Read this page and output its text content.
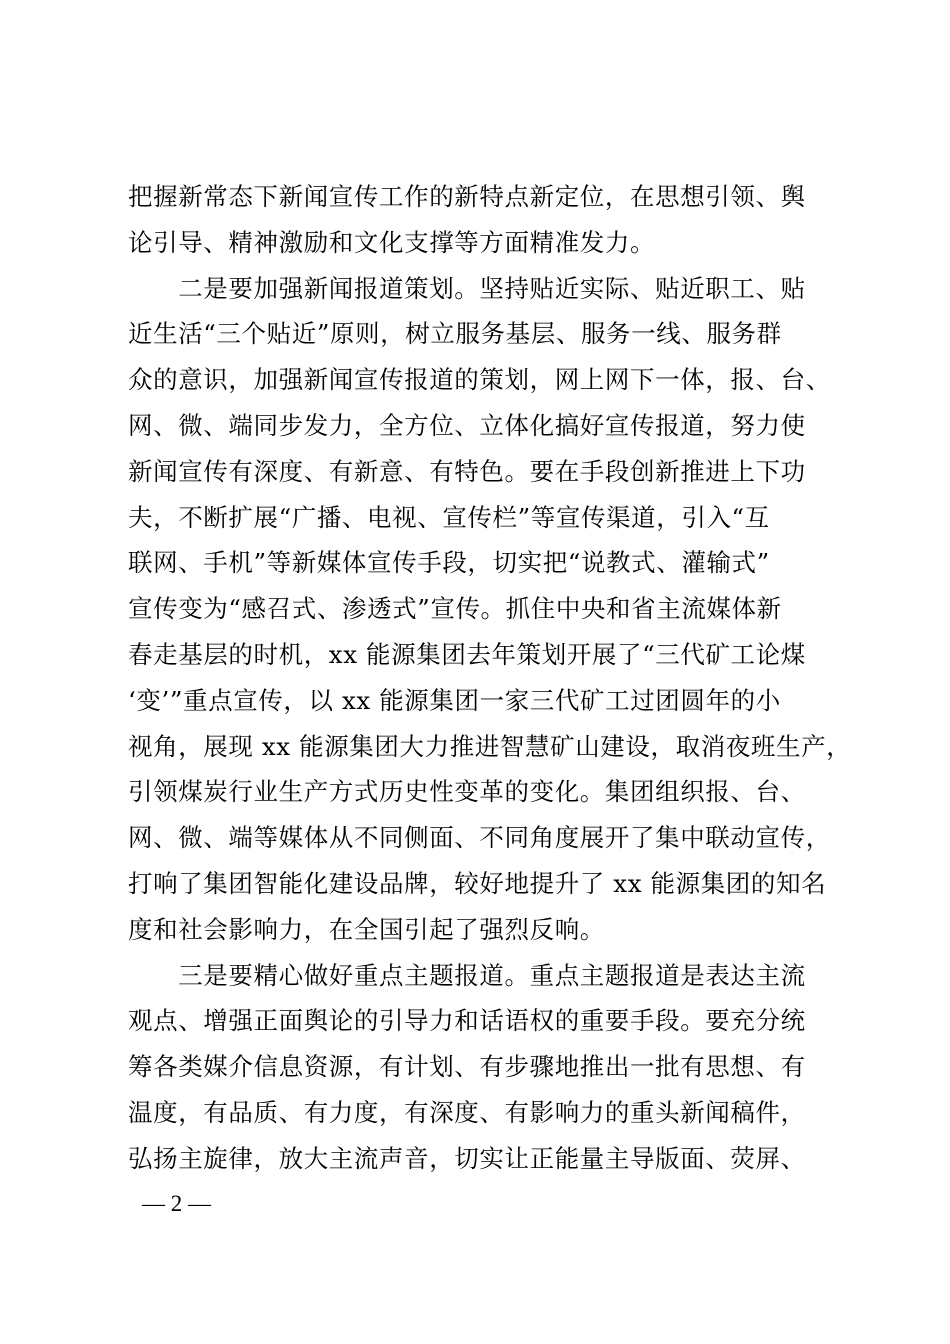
把握新常态下新闻宣传工作的新特点新定位，在思想引领、舆
论引导、精神激励和文化支撑等方面精准发力。
　　二是要加强新闻报道策划。坚持贴近实际、贴近职工、贴
近生活“三个贴近”原则，树立服务基层、服务一线、服务群
众的意识，加强新闻宣传报道的策划，网上网下一体，报、台、
网、微、端同步发力，全方位、立体化搞好宣传报道，努力使
新闻宣传有深度、有新意、有特色。要在手段创新推进上下功
夫，不断扩展“广播、电视、宣传栏”等宣传渠道，引入“互
联网、手机”等新媒体宣传手段，切实把“说教式、灌输式”
宣传变为“感召式、渗透式”宣传。抓住中央和省主流媒体新
春走基层的时机，xx 能源集团去年策划开展了“三代矿工论煤
‘变’”重点宣传，以 xx 能源集团一家三代矿工过团圆年的小
视角，展现 xx 能源集团大力推进智慧矿山建设，取消夜班生产，
引领煤炭行业生产方式历史性变革的变化。集团组织报、台、
网、微、端等媒体从不同侧面、不同角度展开了集中联动宣传，
打响了集团智能化建设品牌，较好地提升了 xx 能源集团的知名
度和社会影响力，在全国引起了强烈反响。
　　三是要精心做好重点主题报道。重点主题报道是表达主流
观点、增强正面舆论的引导力和话语权的重要手段。要充分统
筹各类媒介信息资源，有计划、有步骤地推出一批有思想、有
温度，有品质、有力度，有深度、有影响力的重头新闻稿件，
弘扬主旋律，放大主流声音，切实让正能量主导版面、荧屏、
— 2 —
